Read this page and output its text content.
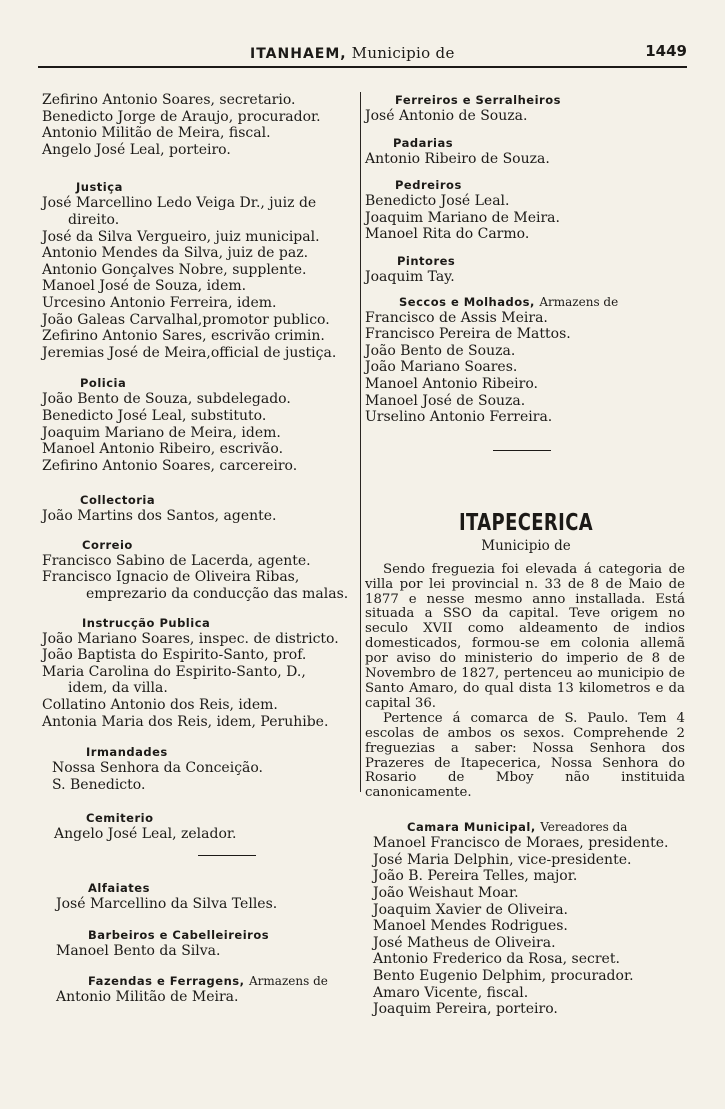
ITANHAEM, Municipio de	1449
Zefirino Antonio Soares, secretario.
Benedicto Jorge de Araujo, procurador.
Antonio Militão de Meira, fiscal.
Angelo José Leal, porteiro.
Justiça
José Marcellino Ledo Veiga Dr., juiz de
direito.
José da Silva Vergueiro, juiz municipal.
Antonio Mendes da Silva, juiz de paz.
Antonio Gonçalves Nobre, supplente.
Manoel José de Souza, idem.
Urcesino Antonio Ferreira, idem.
João Galeas Carvalhal,promotor publico.
Zefirino Antonio Sares, escrivão crimin.
Jeremias José de Meira,official de justiça.
Policia
João Bento de Souza, subdelegado.
Benedicto José Leal, substituto.
Joaquim Mariano de Meira, idem.
Manoel Antonio Ribeiro, escrivão.
Zefirino Antonio Soares, carcereiro.
Collectoria
João Martins dos Santos, agente.
Correio
Francisco Sabino de Lacerda, agente.
Francisco Ignacio de Oliveira Ribas,
emprezario da conducção das malas.
Instrucção Publica
João Mariano Soares, inspec. de districto.
João Baptista do Espirito-Santo, prof.
Maria Carolina do Espirito-Santo, D.,
idem, da villa.
Collatino Antonio dos Reis, idem.
Antonia Maria dos Reis, idem, Peruhibe.
Irmandades
Nossa Senhora da Conceição.
S. Benedicto.
Cemiterio
Angelo José Leal, zelador.
Alfaiates
José Marcellino da Silva Telles.
Barbeiros e Cabelleireiros
Manoel Bento da Silva.
Fazendas e Ferragens, Armazens de
Antonio Militão de Meira.
Ferreiros e Serralheiros
José Antonio de Souza.
Padarias
Antonio Ribeiro de Souza.
Pedreiros
Benedicto José Leal.
Joaquim Mariano de Meira.
Manoel Rita do Carmo.
Pintores
Joaquim Tay.
Seccos e Molhados, Armazens de
Francisco de Assis Meira.
Francisco Pereira de Mattos.
João Bento de Souza.
João Mariano Soares.
Manoel Antonio Ribeiro.
Manoel José de Souza.
Urselino Antonio Ferreira.
ITAPECERICA
Municipio de

Sendo freguezia foi elevada á categoria de villa por lei provincial n. 33 de 8 de Maio de 1877 e nesse mesmo anno installada. Está situada a SSO da capital. Teve origem no seculo XVII como aldeamento de indios domesticados, formou-se em colonia allemã por aviso do ministerio do imperio de 8 de Novembro de 1827, pertenceu ao municipio de Santo Amaro, do qual dista 13 kilometros e da capital 36.

Pertence á comarca de S. Paulo. Tem 4 escolas de ambos os sexos. Comprehende 2 freguezias a saber: Nossa Senhora dos Prazeres de Itapecerica, Nossa Senhora do Rosario de Mboy não instituida canonicamente.

Camara Municipal, Vereadores da
Manoel Francisco de Moraes, presidente.
José Maria Delphin, vice-presidente.
João B. Pereira Telles, major.
João Weishaut Moar.
Joaquim Xavier de Oliveira.
Manoel Mendes Rodrigues.
José Matheus de Oliveira.
Antonio Frederico da Rosa, secret.
Bento Eugenio Delphim, procurador.
Amaro Vicente, fiscal.
Joaquim Pereira, porteiro.
